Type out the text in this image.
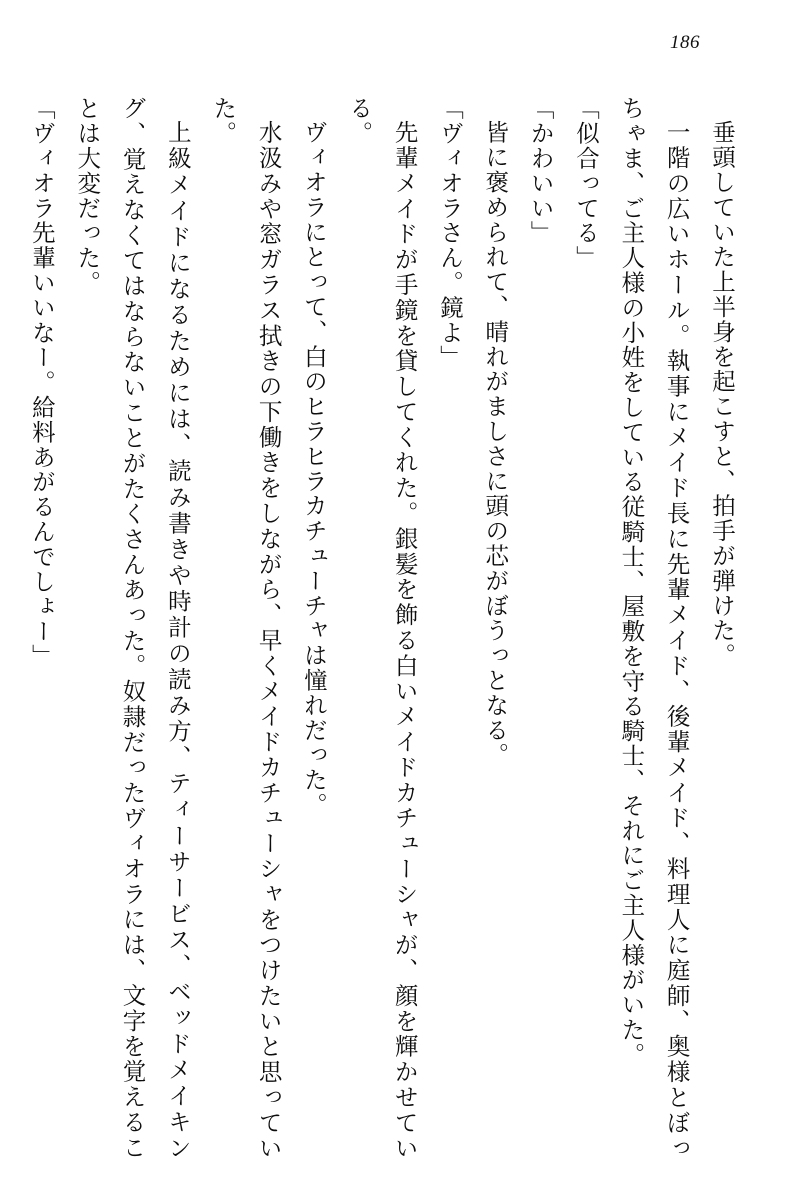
186

垂頭していた上半身を起こすと、拍手が弾けた。

一階の広いホール。執事にメイド長に先輩メイド、後輩メイド、料理人に庭師、奥様とぼっちゃま、ご主人様の小姓をしている従騎士、屋敷を守る騎士、それにご主人様がいた。

「似合ってる」

「かわいい」

皆に褒められて、晴れがましさに頭の芯がぼうっとなる。

「ヴィオラさん。鏡よ」

先輩メイドが手鏡を貸してくれた。銀髪を飾る白いメイドカチューシャが、顔を輝かせている。

ヴィオラにとって、白のヒラヒラカチューチャは憧れだった。

水汲みや窓ガラス拭きの下働きをしながら、早くメイドカチューシャをつけたいと思っていた。

上級メイドになるためには、読み書きや時計の読み方、ティーサービス、ベッドメイキング、覚えなくてはならないことがたくさんあった。奴隷だったヴィオラには、文字を覚えることは大変だった。

「ヴィオラ先輩いいなー。給料あがるんでしょー」
